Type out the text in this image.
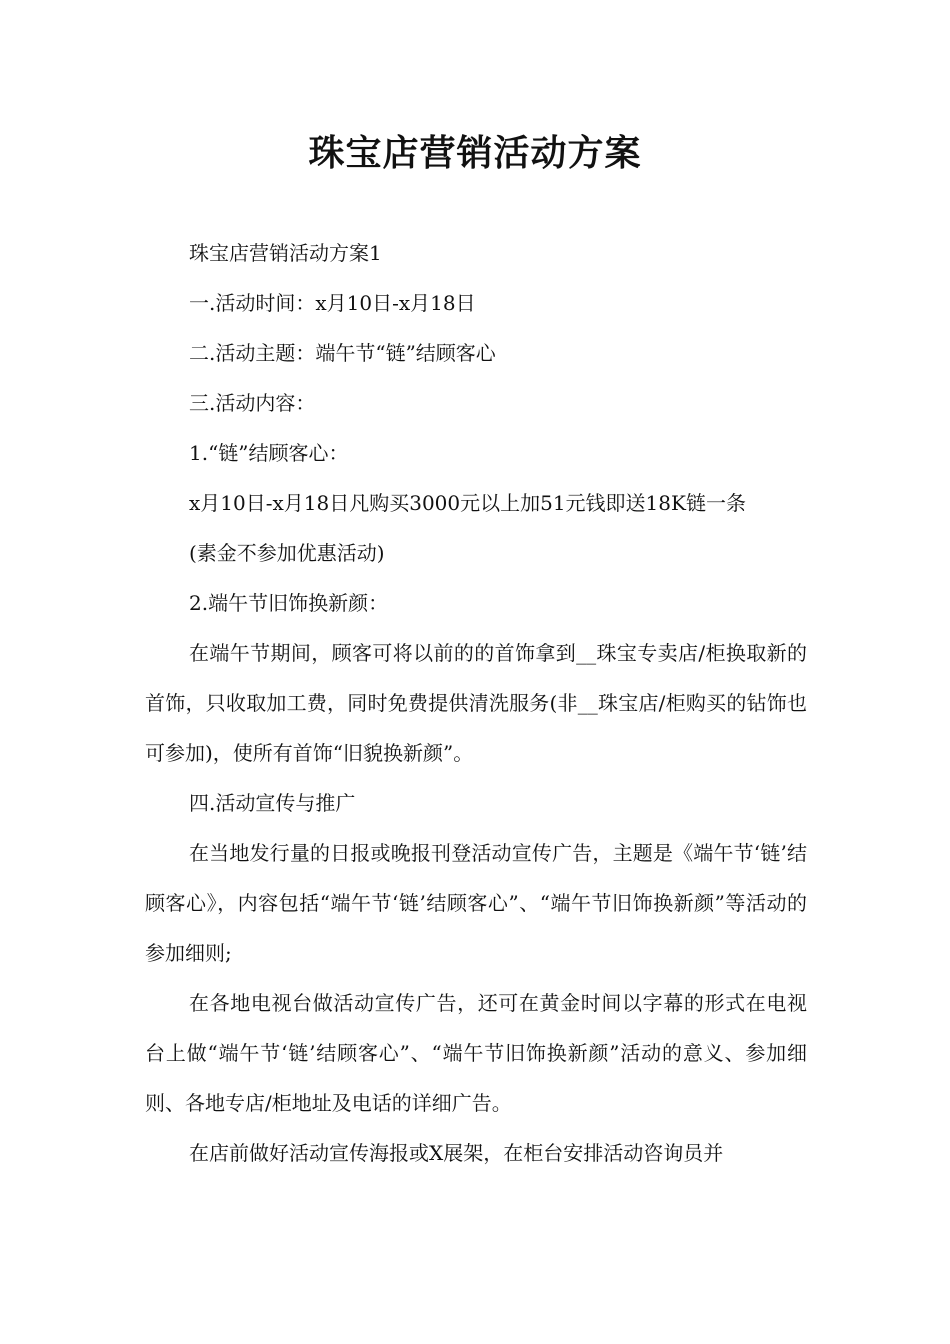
珠宝店营销活动方案

珠宝店营销活动方案1

一.活动时间：x月10日-x月18日

二.活动主题：端午节“链”结顾客心

三.活动内容：

1.“链”结顾客心：

x月10日-x月18日凡购买3000元以上加51元钱即送18K链一条

(素金不参加优惠活动)

2.端午节旧饰换新颜：

在端午节期间，顾客可将以前的的首饰拿到__珠宝专卖店/柜换取新的首饰，只收取加工费，同时免费提供清洗服务(非__珠宝店/柜购买的钻饰也可参加)，使所有首饰“旧貌换新颜”。

四.活动宣传与推广

在当地发行量的日报或晚报刊登活动宣传广告，主题是《端午节‘链’结顾客心》，内容包括“端午节‘链’结顾客心”、“端午节旧饰换新颜”等活动的参加细则;

在各地电视台做活动宣传广告，还可在黄金时间以字幕的形式在电视台上做“端午节‘链’结顾客心”、“端午节旧饰换新颜”活动的意义、参加细则、各地专店/柜地址及电话的详细广告。

在店前做好活动宣传海报或X展架，在柜台安排活动咨询员并
